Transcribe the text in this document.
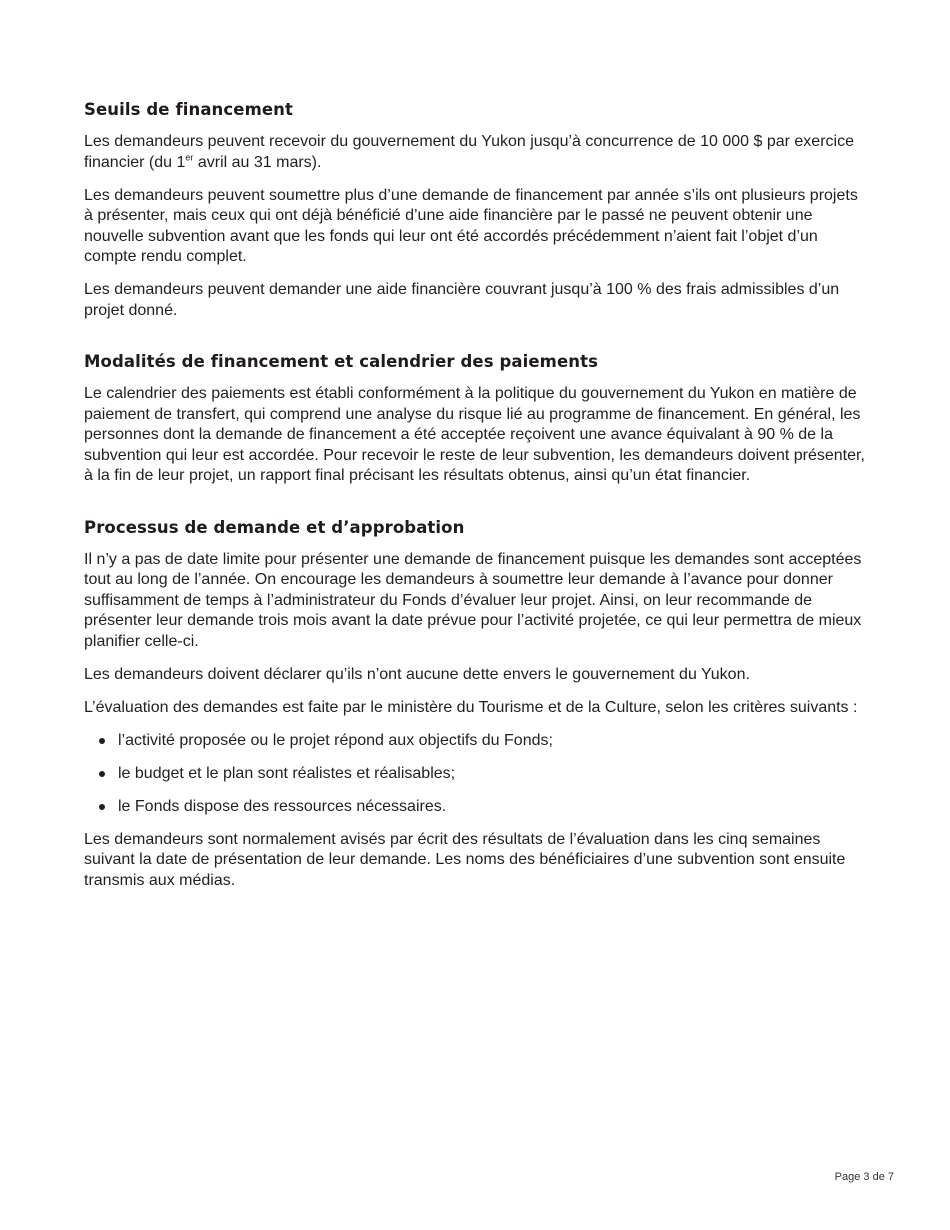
Seuils de financement

Les demandeurs peuvent recevoir du gouvernement du Yukon jusqu’à concurrence de 10 000 $ par exercice financier (du 1er avril au 31 mars).

Les demandeurs peuvent soumettre plus d’une demande de financement par année s’ils ont plusieurs projets à présenter, mais ceux qui ont déjà bénéficié d’une aide financière par le passé ne peuvent obtenir une nouvelle subvention avant que les fonds qui leur ont été accordés précédemment n’aient fait l’objet d’un compte rendu complet.

Les demandeurs peuvent demander une aide financière couvrant jusqu’à 100 % des frais admissibles d’un projet donné.

Modalités de financement et calendrier des paiements

Le calendrier des paiements est établi conformément à la politique du gouvernement du Yukon en matière de paiement de transfert, qui comprend une analyse du risque lié au programme de financement. En général, les personnes dont la demande de financement a été acceptée reçoivent une avance équivalant à 90 % de la subvention qui leur est accordée. Pour recevoir le reste de leur subvention, les demandeurs doivent présenter, à la fin de leur projet, un rapport final précisant les résultats obtenus, ainsi qu’un état financier.

Processus de demande et d’approbation

Il n’y a pas de date limite pour présenter une demande de financement puisque les demandes sont acceptées tout au long de l’année. On encourage les demandeurs à soumettre leur demande à l’avance pour donner suffisamment de temps à l’administrateur du Fonds d’évaluer leur projet. Ainsi, on leur recommande de présenter leur demande trois mois avant la date prévue pour l’activité projetée, ce qui leur permettra de mieux planifier celle-ci.

Les demandeurs doivent déclarer qu’ils n’ont aucune dette envers le gouvernement du Yukon.

L’évaluation des demandes est faite par le ministère du Tourisme et de la Culture, selon les critères suivants :

l’activité proposée ou le projet répond aux objectifs du Fonds;
le budget et le plan sont réalistes et réalisables;
le Fonds dispose des ressources nécessaires.

Les demandeurs sont normalement avisés par écrit des résultats de l’évaluation dans les cinq semaines suivant la date de présentation de leur demande. Les noms des bénéficiaires d’une subvention sont ensuite transmis aux médias.

Page 3 de 7
